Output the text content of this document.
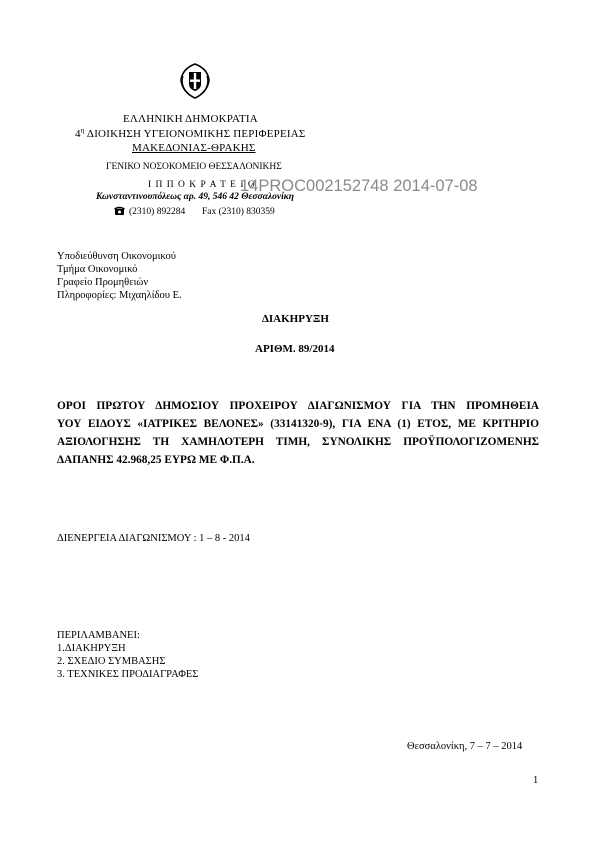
ΕΛΛΗΝΙΚΗ ΔΗΜΟΚΡΑΤΙΑ
$4^\eta$ ΔΙΟΙΚΗΣΗ ΥΓΕΙΟΝΟΜΙΚΗΣ ΠΕΡΙΦΕΡΕΙΑΣ
ΜΑΚΕΔΟΝΙΑΣ-ΘΡΑΚΗΣ
ΓΕΝΙΚΟ ΝΟΣΟΚΟΜΕΙΟ ΘΕΣΣΑΛΟΝΙΚΗΣ
Ι Π Π Ο Κ Ρ Α Τ Ε Ι Ο
Κωνσταντινουπόλεως αρ. 49, 546 42 Θεσσαλονίκη
(2310) 892284 Fax (2310) 830359
14PROC002152748 2014-07-08
Υποδιεύθυνση Οικονομικού
Τμήμα Οικονομικό
Γραφείο Προμηθειών
Πληροφορίες: Μιχαηλίδου Ε.
ΔΙΑΚΗΡΥΞΗ
ΑΡΙΘΜ. 89/2014
ΟΡΟΙ ΠΡΩΤΟΥ ΔΗΜΟΣΙΟΥ ΠΡΟΧΕΙΡΟΥ ΔΙΑΓΩΝΙΣΜΟΥ ΓΙΑ ΤΗΝ ΠΡΟΜΗΘΕΙΑ
ΥΟΥ ΕΙΔΟΥΣ «ΙΑΤΡΙΚΕΣ ΒΕΛΟΝΕΣ» (33141320-9), ΓΙΑ ΕΝΑ (1) ΕΤΟΣ, ΜΕ ΚΡΙΤΗΡΙΟ
ΑΞΙΟΛΟΓΗΣΗΣ ΤΗ ΧΑΜΗΛΟΤΕΡΗ ΤΙΜΗ, ΣΥΝΟΛΙΚΗΣ ΠΡΟΫΠΟΛΟΓΙΖΟΜΕΝΗΣ
ΔΑΠΑΝΗΣ 42.968,25 ΕΥΡΩ ΜΕ Φ.Π.Α.
ΔΙΕΝΕΡΓΕΙΑ ΔΙΑΓΩΝΙΣΜΟΥ : 1 – 8 - 2014
ΠΕΡΙΛΑΜΒΑΝΕΙ:
1.ΔΙΑΚΗΡΥΞΗ
2. ΣΧΕΔΙΟ ΣΥΜΒΑΣΗΣ
3. ΤΕΧΝΙΚΕΣ ΠΡΟΔΙΑΓΡΑΦΕΣ
Θεσσαλονίκη, 7 – 7 – 2014
1
